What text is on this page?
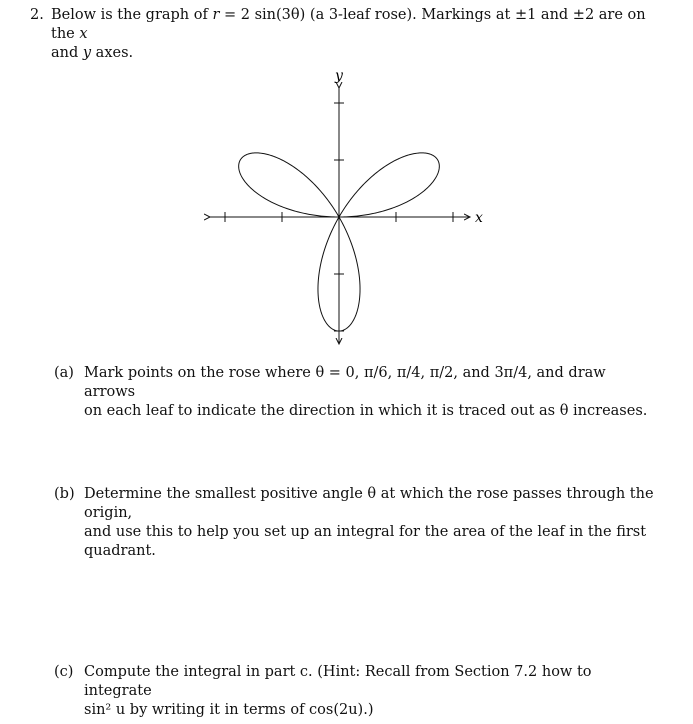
2. Below is the graph of r = 2 sin(3θ) (a 3-leaf rose). Markings at ±1 and ±2 are on the x
and y axes.
x
y
(a) Mark points on the rose where θ = 0, π/6, π/4, π/2, and 3π/4, and draw arrows
on each leaf to indicate the direction in which it is traced out as θ increases.
(b) Determine the smallest positive angle θ at which the rose passes through the origin,
and use this to help you set up an integral for the area of the leaf in the first
quadrant.
(c) Compute the integral in part c. (Hint: Recall from Section 7.2 how to integrate
sin² u by writing it in terms of cos(2u).)
